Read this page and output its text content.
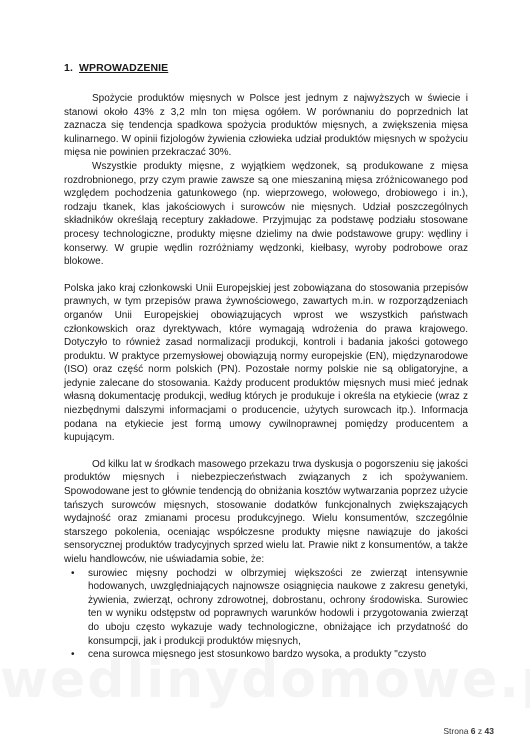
1. WPROWADZENIE

Spożycie produktów mięsnych w Polsce jest jednym z najwyższych w świecie i stanowi około 43% z 3,2 mln ton mięsa ogółem. W porównaniu do poprzednich lat zaznacza się tendencja spadkowa spożycia produktów mięsnych, a zwiększenia mięsa kulinarnego. W opinii fizjologów żywienia człowieka udział produktów mięsnych w spożyciu mięsa nie powinien przekraczać 30%.

Wszystkie produkty mięsne, z wyjątkiem wędzonek, są produkowane z mięsa rozdrobnionego, przy czym prawie zawsze są one mieszaniną mięsa zróżnicowanego pod względem pochodzenia gatunkowego (np. wieprzowego, wołowego, drobiowego i in.), rodzaju tkanek, klas jakościowych i surowców nie mięsnych. Udział poszczególnych składników określają receptury zakładowe. Przyjmując za podstawę podziału stosowane procesy technologiczne, produkty mięsne dzielimy na dwie podstawowe grupy: wędliny i konserwy. W grupie wędlin rozróżniamy wędzonki, kiełbasy, wyroby podrobowe oraz blokowe.

Polska jako kraj członkowski Unii Europejskiej jest zobowiązana do stosowania przepisów prawnych, w tym przepisów prawa żywnościowego, zawartych m.in. w rozporządzeniach organów Unii Europejskiej obowiązujących wprost we wszystkich państwach członkowskich oraz dyrektywach, które wymagają wdrożenia do prawa krajowego. Dotyczyło to również zasad normalizacji produkcji, kontroli i badania jakości gotowego produktu. W praktyce przemysłowej obowiązują normy europejskie (EN), międzynarodowe (ISO) oraz część norm polskich (PN). Pozostałe normy polskie nie są obligatoryjne, a jedynie zalecane do stosowania. Każdy producent produktów mięsnych musi mieć jednak własną dokumentację produkcji, według których je produkuje i określa na etykiecie (wraz z niezbędnymi dalszymi informacjami o producencie, użytych surowcach itp.). Informacja podana na etykiecie jest formą umowy cywilnoprawnej pomiędzy producentem a kupującym.

Od kilku lat w środkach masowego przekazu trwa dyskusja o pogorszeniu się jakości produktów mięsnych i niebezpieczeństwach związanych z ich spożywaniem. Spowodowane jest to głównie tendencją do obniżania kosztów wytwarzania poprzez użycie tańszych surowców mięsnych, stosowanie dodatków funkcjonalnych zwiększających wydajność oraz zmianami procesu produkcyjnego. Wielu konsumentów, szczególnie starszego pokolenia, oceniając współczesne produkty mięsne nawiązuje do jakości sensorycznej produktów tradycyjnych sprzed wielu lat. Prawie nikt z konsumentów, a także wielu handlowców, nie uświadamia sobie, że:

• surowiec mięsny pochodzi w olbrzymiej większości ze zwierząt intensywnie hodowanych, uwzględniających najnowsze osiągnięcia naukowe z zakresu genetyki, żywienia, zwierząt, ochrony zdrowotnej, dobrostanu, ochrony środowiska. Surowiec ten w wyniku odstępstw od poprawnych warunków hodowli i przygotowania zwierząt do uboju często wykazuje wady technologiczne, obniżające ich przydatność do konsumpcji, jak i produkcji produktów mięsnych,
• cena surowca mięsnego jest stosunkowo bardzo wysoka, a produkty "czysto
Strona 6 z 43
